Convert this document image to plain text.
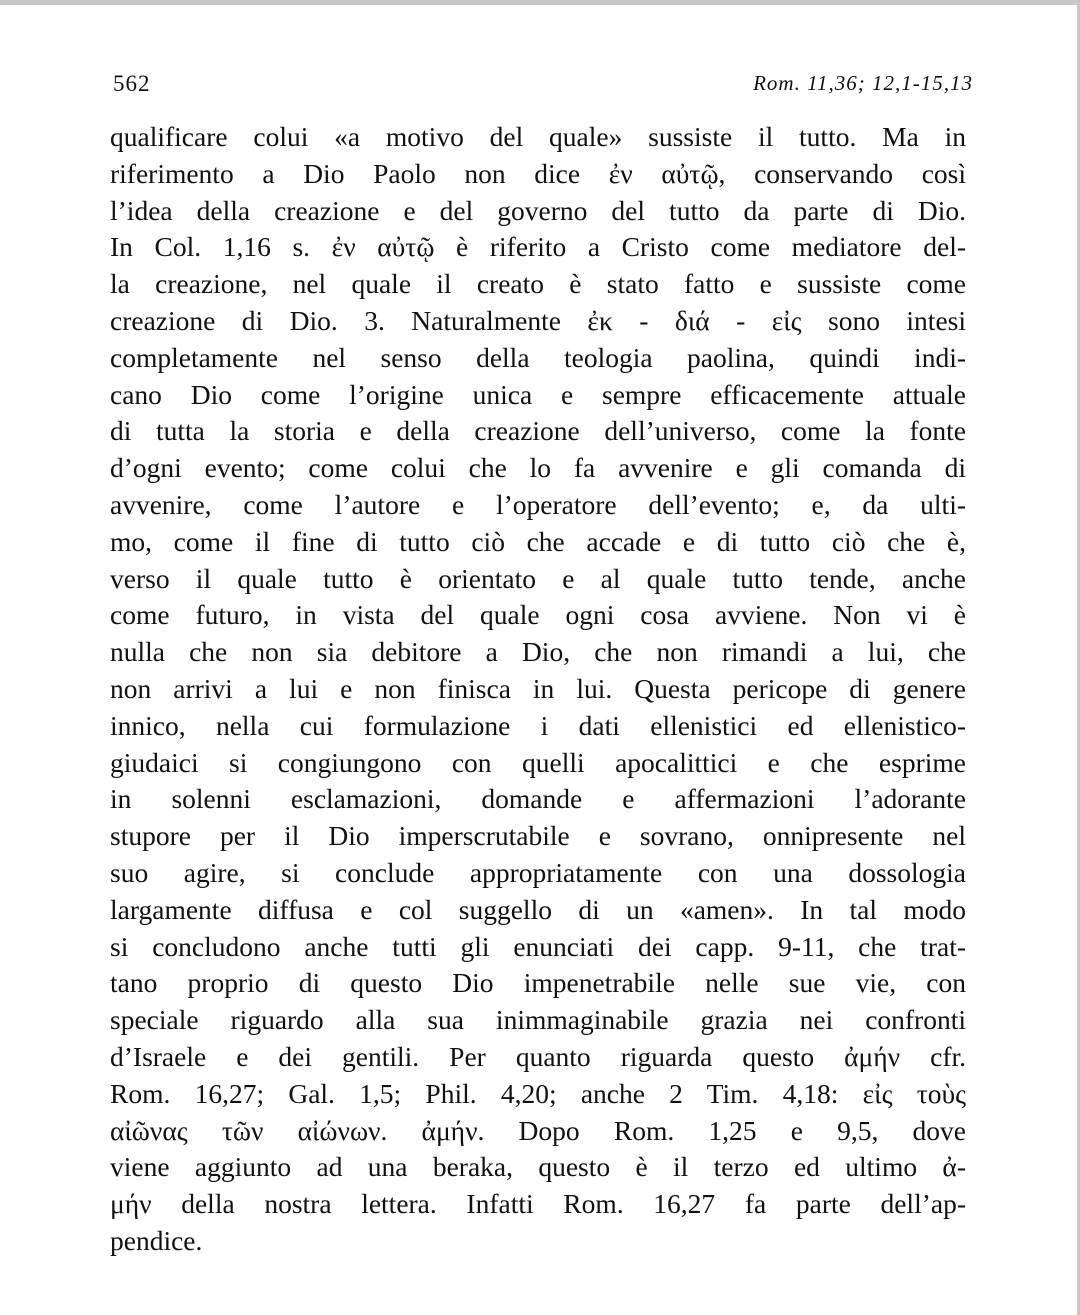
562	Rom. 11,36; 12,1-15,13
qualificare colui «a motivo del quale» sussiste il tutto. Ma in
riferimento a Dio Paolo non dice ἐν αὐτῷ, conservando così
l’idea della creazione e del governo del tutto da parte di Dio.
In Col. 1,16 s. ἐν αὐτῷ è riferito a Cristo come mediatore del-
la creazione, nel quale il creato è stato fatto e sussiste come
creazione di Dio. 3. Naturalmente ἐκ - διά - εἰς sono intesi
completamente nel senso della teologia paolina, quindi indi-
cano Dio come l’origine unica e sempre efficacemente attuale
di tutta la storia e della creazione dell’universo, come la fonte
d’ogni evento; come colui che lo fa avvenire e gli comanda di
avvenire, come l’autore e l’operatore dell’evento; e, da ulti-
mo, come il fine di tutto ciò che accade e di tutto ciò che è,
verso il quale tutto è orientato e al quale tutto tende, anche
come futuro, in vista del quale ogni cosa avviene. Non vi è
nulla che non sia debitore a Dio, che non rimandi a lui, che
non arrivi a lui e non finisca in lui. Questa pericope di genere
innico, nella cui formulazione i dati ellenistici ed ellenistico-
giudaici si congiungono con quelli apocalittici e che esprime
in solenni esclamazioni, domande e affermazioni l’adorante
stupore per il Dio imperscrutabile e sovrano, onnipresente nel
suo agire, si conclude appropriatamente con una dossologia
largamente diffusa e col suggello di un «amen». In tal modo
si concludono anche tutti gli enunciati dei capp. 9-11, che trat-
tano proprio di questo Dio impenetrabile nelle sue vie, con
speciale riguardo alla sua inimmaginabile grazia nei confronti
d’Israele e dei gentili. Per quanto riguarda questo ἀμήν cfr.
Rom. 16,27; Gal. 1,5; Phil. 4,20; anche 2 Tim. 4,18: εἰς τοὺς
αἰῶνας τῶν αἰώνων. ἀμήν. Dopo Rom. 1,25 e 9,5, dove
viene aggiunto ad una beraka, questo è il terzo ed ultimo ἀ-
μήν della nostra lettera. Infatti Rom. 16,27 fa parte dell’ap-
pendice.
